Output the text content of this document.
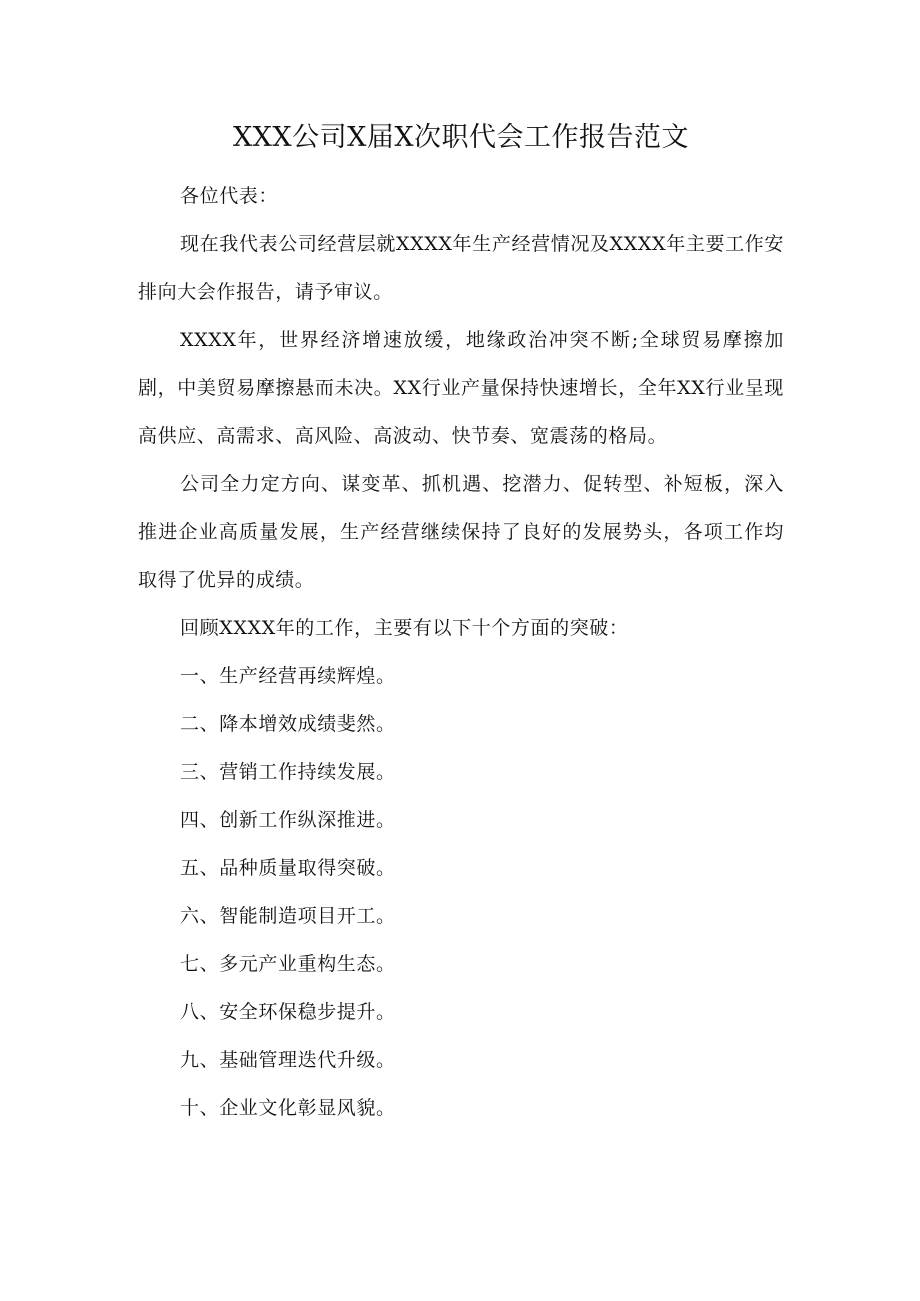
XXX公司X届X次职代会工作报告范文

各位代表：

现在我代表公司经营层就XXXX年生产经营情况及XXXX年主要工作安排向大会作报告，请予审议。

XXXX年，世界经济增速放缓，地缘政治冲突不断;全球贸易摩擦加剧，中美贸易摩擦悬而未决。XX行业产量保持快速增长，全年XX行业呈现高供应、高需求、高风险、高波动、快节奏、宽震荡的格局。

公司全力定方向、谋变革、抓机遇、挖潜力、促转型、补短板，深入推进企业高质量发展，生产经营继续保持了良好的发展势头，各项工作均取得了优异的成绩。

回顾XXXX年的工作，主要有以下十个方面的突破：

一、生产经营再续辉煌。
二、降本增效成绩斐然。
三、营销工作持续发展。
四、创新工作纵深推进。
五、品种质量取得突破。
六、智能制造项目开工。
七、多元产业重构生态。
八、安全环保稳步提升。
九、基础管理迭代升级。
十、企业文化彰显风貌。
